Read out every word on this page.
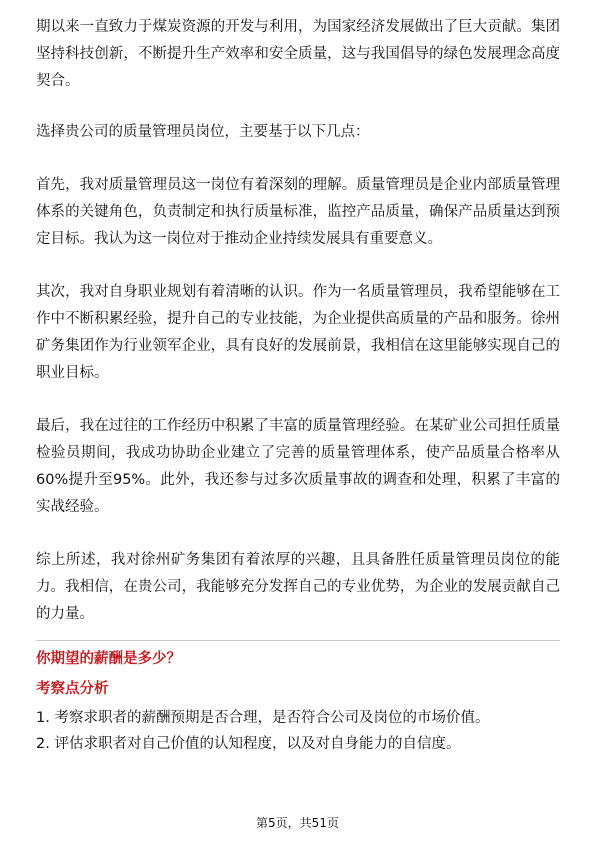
期以来一直致力于煤炭资源的开发与利用，为国家经济发展做出了巨大贡献。集团坚持科技创新，不断提升生产效率和安全质量，这与我国倡导的绿色发展理念高度契合。

选择贵公司的质量管理员岗位，主要基于以下几点：

首先，我对质量管理员这一岗位有着深刻的理解。质量管理员是企业内部质量管理体系的关键角色，负责制定和执行质量标准，监控产品质量，确保产品质量达到预定目标。我认为这一岗位对于推动企业持续发展具有重要意义。

其次，我对自身职业规划有着清晰的认识。作为一名质量管理员，我希望能够在工作中不断积累经验，提升自己的专业技能，为企业提供高质量的产品和服务。徐州矿务集团作为行业领军企业，具有良好的发展前景，我相信在这里能够实现自己的职业目标。

最后，我在过往的工作经历中积累了丰富的质量管理经验。在某矿业公司担任质量检验员期间，我成功协助企业建立了完善的质量管理体系，使产品质量合格率从60%提升至95%。此外，我还参与过多次质量事故的调查和处理，积累了丰富的实战经验。

综上所述，我对徐州矿务集团有着浓厚的兴趣，且具备胜任质量管理员岗位的能力。我相信，在贵公司，我能够充分发挥自己的专业优势，为企业的发展贡献自己的力量。

你期望的薪酬是多少？
考察点分析

1. 考察求职者的薪酬预期是否合理，是否符合公司及岗位的市场价值。

2. 评估求职者对自己价值的认知程度，以及对自身能力的自信度。

第5页，共51页
